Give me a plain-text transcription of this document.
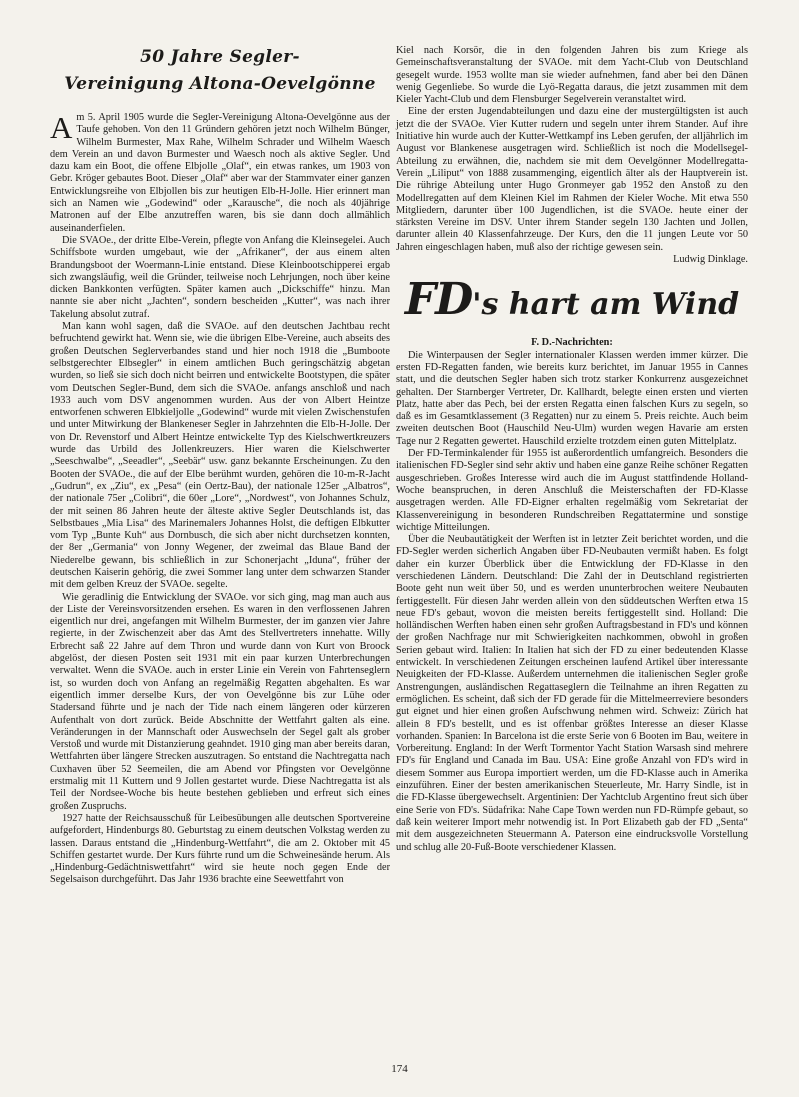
50 Jahre Segler-
Vereinigung Altona-Oevelgönne

Am 5. April 1905 wurde die Segler-Vereinigung Altona-Oevelgönne aus der Taufe gehoben. Von den 11 Gründern gehören jetzt noch Wilhelm Bünger, Wilhelm Burmester, Max Rahe, Wilhelm Schrader und Wilhelm Waesch dem Verein an und davon Burmester und Waesch noch als aktive Segler. Und dazu kam ein Boot, die offene Elbjolle „Olaf“, ein etwas rankes, um 1903 von Gebr. Kröger gebautes Boot. Dieser „Olaf“ aber war der Stammvater einer ganzen Entwicklungsreihe von Elbjollen bis zur heutigen Elb-H-Jolle. Hier erinnert man sich an Namen wie „Godewind“ oder „Karausche“, die noch als 40jährige Matronen auf der Elbe anzutreffen waren, bis sie dann doch allmählich auseinanderfielen.

Die SVAOe., der dritte Elbe-Verein, pflegte von Anfang die Kleinsegelei. Auch Schiffsbote wurden umgebaut, wie der „Afrikaner“, der aus einem alten Brandungsboot der Woermann-Linie entstand. Diese Kleinbootschipperei ergab sich zwangsläufig, weil die Gründer, teilweise noch Lehrjungen, noch über keine dicken Bankkonten verfügten. Später kamen auch „Dickschiffe“ hinzu. Man nannte sie aber nicht „Jachten“, sondern bescheiden „Kutter“, was nach ihrer Takelung absolut zutraf.

Man kann wohl sagen, daß die SVAOe. auf den deutschen Jachtbau recht befruchtend gewirkt hat. Wenn sie, wie die übrigen Elbe-Vereine, auch abseits des großen Deutschen Seglerverbandes stand und hier noch 1918 die „Bumboote selbstgerechter Elbsegler“ in einem amtlichen Buch geringschätzig abgetan wurden, so ließ sie sich doch nicht beirren und entwickelte Bootstypen, die später vom Deutschen Segler-Bund, dem sich die SVAOe. anfangs anschloß und nach 1933 auch vom DSV angenommen wurden. Aus der von Albert Heintze entworfenen schweren Elbkieljolle „Godewind“ wurde mit vielen Zwischenstufen und unter Mitwirkung der Blankeneser Segler in Jahrzehnten die Elb-H-Jolle. Der von Dr. Revenstorf und Albert Heintze entwickelte Typ des Kielschwertkreuzers wurde das Urbild des Jollenkreuzers. Hier waren die Kielschwerter „Seeschwalbe“, „Seeadler“, „Seebär“ usw. ganz bekannte Erscheinungen. Zu den Booten der SVAOe., die auf der Elbe berühmt wurden, gehören die 10-m-R-Jacht „Gudrun“, ex „Ziu“, ex „Pesa“ (ein Oertz-Bau), der nationale 125er „Albatros“, der nationale 75er „Colibri“, die 60er „Lore“, „Nordwest“, von Johannes Schulz, der mit seinen 86 Jahren heute der älteste aktive Segler Deutschlands ist, das Selbstbaues „Mia Lisa“ des Marinemalers Johannes Holst, die deftigen Elbkutter vom Typ „Bunte Kuh“ aus Dornbusch, die sich aber nicht durchsetzen konnten, der 8er „Germania“ von Jonny Wegener, der zweimal das Blaue Band der Niederelbe gewann, bis schließlich in zur Schonerjacht „Iduna“, früher der deutschen Kaiserin gehörig, die zwei Sommer lang unter dem schwarzen Stander mit dem gelben Kreuz der SVAOe. segelte.

Wie geradlinig die Entwicklung der SVAOe. vor sich ging, mag man auch aus der Liste der Vereinsvorsitzenden ersehen. Es waren in den verflossenen Jahren eigentlich nur drei, angefangen mit Wilhelm Burmester, der im ganzen vier Jahre regierte, in der Zwischenzeit aber das Amt des Stellvertreters innehatte. Willy Erbrecht saß 22 Jahre auf dem Thron und wurde dann von Kurt von Broock abgelöst, der diesen Posten seit 1931 mit ein paar kurzen Unterbrechungen verwaltet. Wenn die SVAOe. auch in erster Linie ein Verein von Fahrtenseglern ist, so wurden doch von Anfang an regelmäßig Regatten abgehalten. Es war eigentlich immer derselbe Kurs, der von Oevelgönne bis zur Lühe oder Stadersand führte und je nach der Tide nach einem längeren oder kürzeren Aufenthalt von dort zurück. Beide Abschnitte der Wettfahrt galten als eine. Veränderungen in der Mannschaft oder Auswechseln der Segel galt als grober Verstoß und wurde mit Distanzierung geahndet. 1910 ging man aber bereits daran, Wettfahrten über längere Strecken auszutragen. So entstand die Nachtregatta nach Cuxhaven über 52 Seemeilen, die am Abend vor Pfingsten vor Oevelgönne erstmalig mit 11 Kuttern und 9 Jollen gestartet wurde. Diese Nachtregatta ist als Teil der Nordsee-Woche bis heute bestehen geblieben und erfreut sich eines großen Zuspruchs.

1927 hatte der Reichsausschuß für Leibesübungen alle deutschen Sportvereine aufgefordert, Hindenburgs 80. Geburtstag zu einem deutschen Volkstag werden zu lassen. Daraus entstand die „Hindenburg-Wettfahrt“, die am 2. Oktober mit 45 Schiffen gestartet wurde. Der Kurs führte rund um die Schweinesände herum. Als „Hindenburg-Gedächtniswettfahrt“ wird sie heute noch gegen Ende der Segelsaison durchgeführt. Das Jahr 1936 brachte eine Seewettfahrt von

Kiel nach Korsör, die in den folgenden Jahren bis zum Kriege als Gemeinschaftsveranstaltung der SVAOe. mit dem Yacht-Club von Deutschland gesegelt wurde. 1953 wollte man sie wieder aufnehmen, fand aber bei den Dänen wenig Gegenliebe. So wurde die Lyö-Regatta daraus, die jetzt zusammen mit dem Kieler Yacht-Club und dem Flensburger Segelverein veranstaltet wird.

Eine der ersten Jugendabteilungen und dazu eine der mustergültigsten ist auch jetzt die der SVAOe. Vier Kutter rudern und segeln unter ihrem Stander. Auf ihre Initiative hin wurde auch der Kutter-Wettkampf ins Leben gerufen, der alljährlich im August vor Blankenese ausgetragen wird. Schließlich ist noch die Modellsegel-Abteilung zu erwähnen, die, nachdem sie mit dem Oevelgönner Modellregatta-Verein „Liliput“ von 1888 zusammenging, eigentlich älter als der Hauptverein ist. Die rührige Abteilung unter Hugo Gronmeyer gab 1952 den Anstoß zu den Modellregatten auf dem Kleinen Kiel im Rahmen der Kieler Woche. Mit etwa 550 Mitgliedern, darunter über 100 Jugendlichen, ist die SVAOe. heute einer der stärksten Vereine im DSV. Unter ihrem Stander segeln 130 Jachten und Jollen, darunter allein 40 Klassenfahrzeuge. Der Kurs, den die 11 jungen Leute vor 50 Jahren eingeschlagen haben, muß also der richtige gewesen sein.

Ludwig Dinklage.

FD's hart am Wind

F. D.-Nachrichten:

Die Winterpausen der Segler internationaler Klassen werden immer kürzer. Die ersten FD-Regatten fanden, wie bereits kurz berichtet, im Januar 1955 in Cannes statt, und die deutschen Segler haben sich trotz starker Konkurrenz ausgezeichnet gehalten. Der Starnberger Vertreter, Dr. Kallhardt, belegte einen ersten und vierten Platz, hatte aber das Pech, bei der ersten Regatta einen falschen Kurs zu segeln, so daß es im Gesamtklassement (3 Regatten) nur zu einem 5. Preis reichte. Auch beim zweiten deutschen Boot (Hauschild Neu-Ulm) wurden wegen Havarie am ersten Tage nur 2 Regatten gewertet. Hauschild erzielte trotzdem einen guten Mittelplatz.

Der FD-Terminkalender für 1955 ist außerordentlich umfangreich. Besonders die italienischen FD-Segler sind sehr aktiv und haben eine ganze Reihe schöner Regatten ausgeschrieben. Großes Interesse wird auch die im August stattfindende Holland-Woche beanspruchen, in deren Anschluß die Meisterschaften der FD-Klasse ausgetragen werden. Alle FD-Eigner erhalten regelmäßig vom Sekretariat der Klassenvereinigung in besonderen Rundschreiben Regattatermine und sonstige wichtige Mitteilungen.

Über die Neubautätigkeit der Werften ist in letzter Zeit berichtet worden, und die FD-Segler werden sicherlich Angaben über FD-Neubauten vermißt haben. Es folgt daher ein kurzer Überblick über die Entwicklung der FD-Klasse in den verschiedenen Ländern. Deutschland: Die Zahl der in Deutschland registrierten Boote geht nun weit über 50, und es werden ununterbrochen weitere Neubauten fertiggestellt. Für diesen Jahr werden allein von den süddeutschen Werften etwa 15 neue FD's gebaut, wovon die meisten bereits fertiggestellt sind. Holland: Die holländischen Werften haben einen sehr großen Auftragsbestand in FD's und können der großen Nachfrage nur mit Schwierigkeiten nachkommen, obwohl in großen Serien gebaut wird. Italien: In Italien hat sich der FD zu einer bedeutenden Klasse entwickelt. In verschiedenen Zeitungen erscheinen laufend Artikel über interessante Neuigkeiten der FD-Klasse. Außerdem unternehmen die italienischen Segler große Anstrengungen, ausländischen Regattaseglern die Teilnahme an ihren Regatten zu ermöglichen. Es scheint, daß sich der FD gerade für die Mittelmeerreviere besonders gut eignet und hier einen großen Aufschwung nehmen wird. Schweiz: Zürich hat allein 8 FD's bestellt, und es ist offenbar größtes Interesse an dieser Klasse vorhanden. Spanien: In Barcelona ist die erste Serie von 6 Booten im Bau, weitere in Vorbereitung. England: In der Werft Tormentor Yacht Station Warsash sind mehrere FD's für England und Canada im Bau. USA: Eine große Anzahl von FD's wird in diesem Sommer aus Europa importiert werden, um die FD-Klasse auch in Amerika einzuführen. Einer der besten amerikanischen Steuerleute, Mr. Harry Sindle, ist in die FD-Klasse übergewechselt. Argentinien: Der Yachtclub Argentino freut sich über eine Serie von FD's. Südafrika: Nahe Cape Town werden nun FD-Rümpfe gebaut, so daß kein weiterer Import mehr notwendig ist. In Port Elizabeth gab der FD „Senta“ mit dem ausgezeichneten Steuermann A. Paterson eine eindrucksvolle Vorstellung und schlug alle 20-Fuß-Boote verschiedener Klassen.

174
